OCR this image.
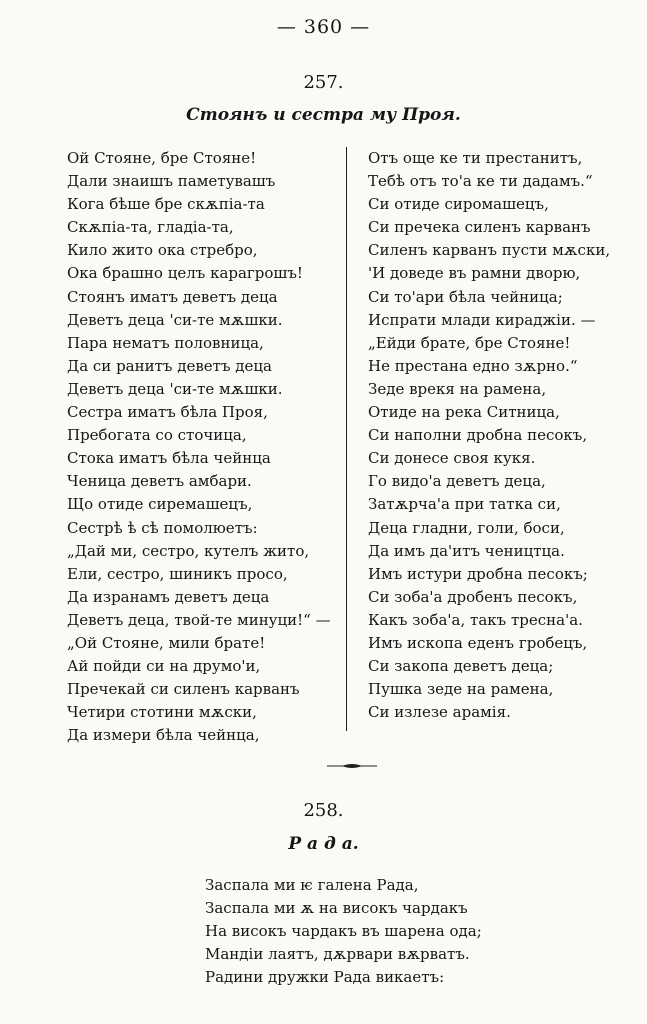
— 360 —
257.
Стоянъ и сестра му Проя.
Ой Стояне, бре Стояне!
Дали знаишъ паметувашъ
Кога бѣше бре скѫпіа-та
Скѫпіа-та, гладіа-та,
Кило жито ока стребро,
Ока брашно целъ карагрошъ!
Стоянъ иматъ деветъ деца
Деветъ деца 'си-те мѫшки.
Пара нематъ половница,
Да си ранитъ деветъ деца
Деветъ деца 'си-те мѫшки.
Сестра иматъ бѣла Проя,
Пребогата со сточица,
Стока иматъ бѣла чейнца
Ченица деветъ амбари.
Що отиде сиремашецъ,
Сестрѣ ѣ сѣ помолюетъ:
„Дай ми, сестро, кутелъ жито,
Ели, сестро, шиникъ просо,
Да изранамъ деветъ деца
Деветъ деца, твой-те минуци!“ —
„Ой Стояне, мили брате!
Ай пойди си на друмо'и,
Пречекай си силенъ карванъ
Четири стотини мѫски,
Да измери бѣла чейнца,
Отъ още ке ти престанитъ,
Тебѣ отъ то'а ке ти дадамъ.“
Си отиде сиромашецъ,
Си пречека силенъ карванъ
Силенъ карванъ пусти мѫски,
'И доведе въ рамни дворю,
Си то'ари бѣла чейница;
Испрати млади кираджіи. —
„Ейди брате, бре Стояне!
Не престана едно зѫрно.“
Зеде врекя на рамена,
Отиде на река Ситница,
Си наполни дробна песокъ,
Си донесе своя кукя.
Го видо'а деветъ деца,
Затѫрча'а при татка си,
Деца гладни, голи, боси,
Да имъ да'итъ чеництца.
Имъ истури дробна песокъ;
Си зоба'а дробенъ песокъ,
Какъ зоба'а, такъ тресна'а.
Имъ ископа еденъ гробецъ,
Си закопа деветъ деца;
Пушка зеде на рамена,
Си излезе арамія.
258.
Р а д а.
Заспала ми ѥ галена Рада,
Заспала ми ѫ на високъ чардакъ
На високъ чардакъ въ шарена ода;
Мандіи лаятъ, дѫрвари вѫрватъ.
Радини дружки Рада викаетъ:
